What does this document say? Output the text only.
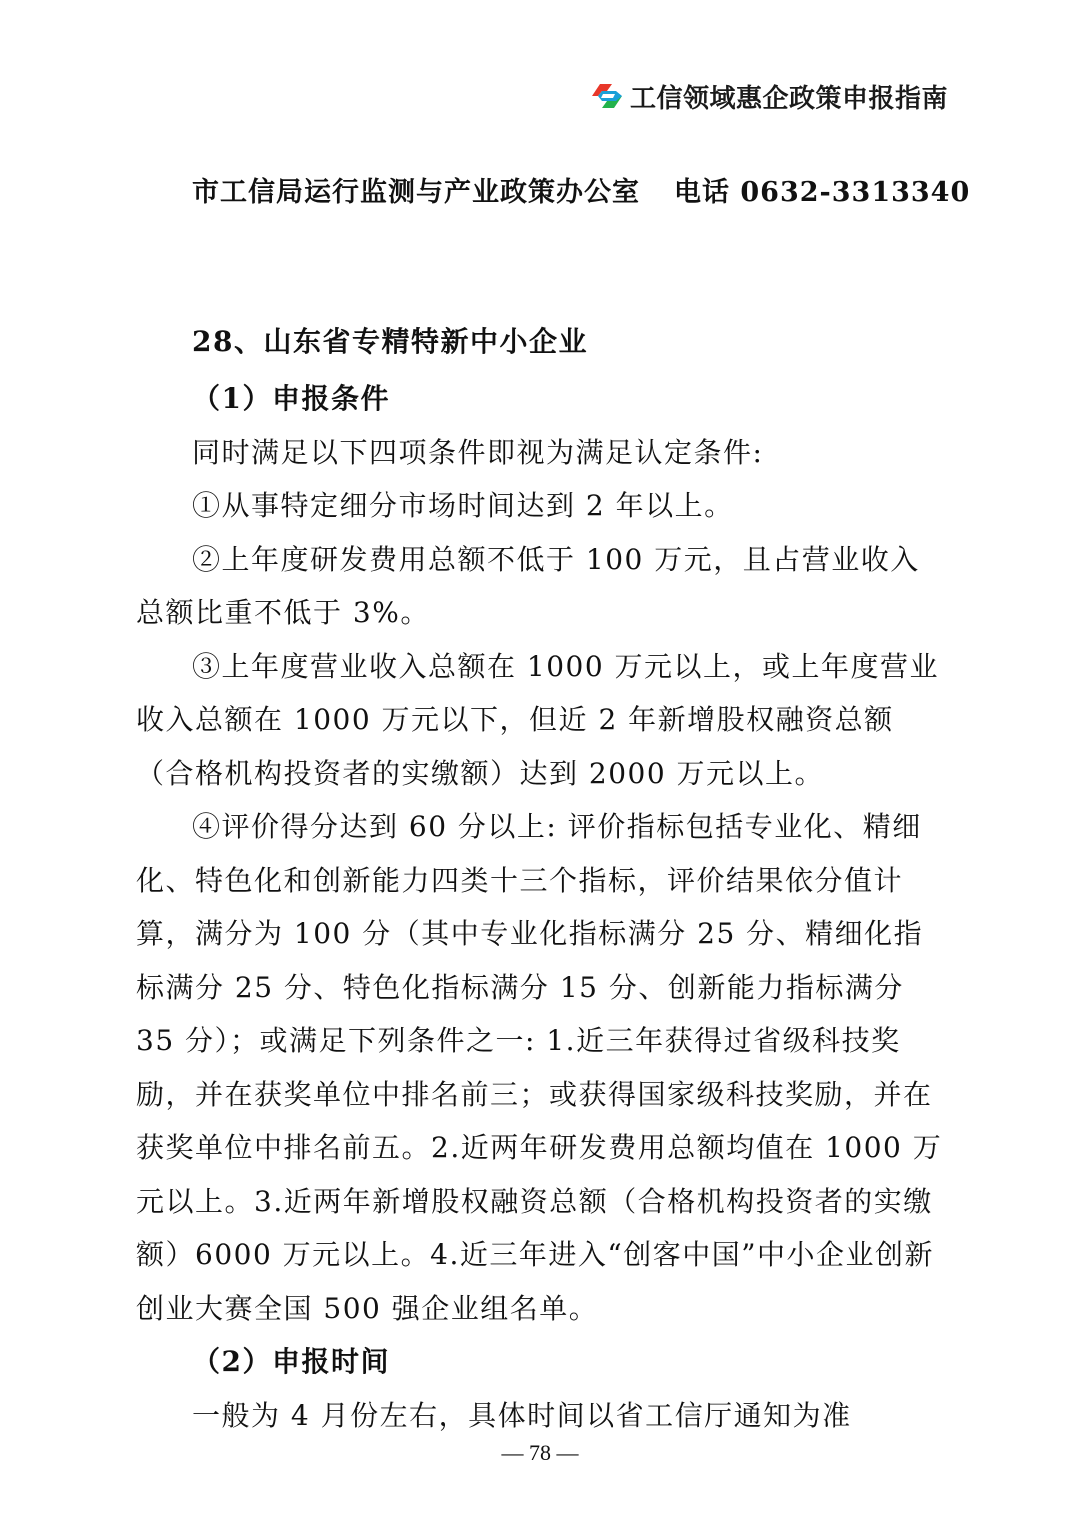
工信领域惠企政策申报指南
市工信局运行监测与产业政策办公室 电话 0632-3313340
28、山东省专精特新中小企业

（1）申报条件

同时满足以下四项条件即视为满足认定条件:

①从事特定细分市场时间达到 2 年以上。

②上年度研发费用总额不低于 100 万元，且占营业收入总额比重不低于 3%。

③上年度营业收入总额在 1000 万元以上，或上年度营业收入总额在 1000 万元以下，但近 2 年新增股权融资总额（合格机构投资者的实缴额）达到 2000 万元以上。

④评价得分达到 60 分以上: 评价指标包括专业化、精细化、特色化和创新能力四类十三个指标，评价结果依分值计算，满分为 100 分（其中专业化指标满分 25 分、精细化指标满分 25 分、特色化指标满分 15 分、创新能力指标满分 35 分）；或满足下列条件之一: 1.近三年获得过省级科技奖励，并在获奖单位中排名前三；或获得国家级科技奖励，并在获奖单位中排名前五。2.近两年研发费用总额均值在 1000 万元以上。3.近两年新增股权融资总额（合格机构投资者的实缴额）6000 万元以上。4.近三年进入“创客中国”中小企业创新创业大赛全国 500 强企业组名单。

（2）申报时间

一般为 4 月份左右，具体时间以省工信厅通知为准

— 78 —
